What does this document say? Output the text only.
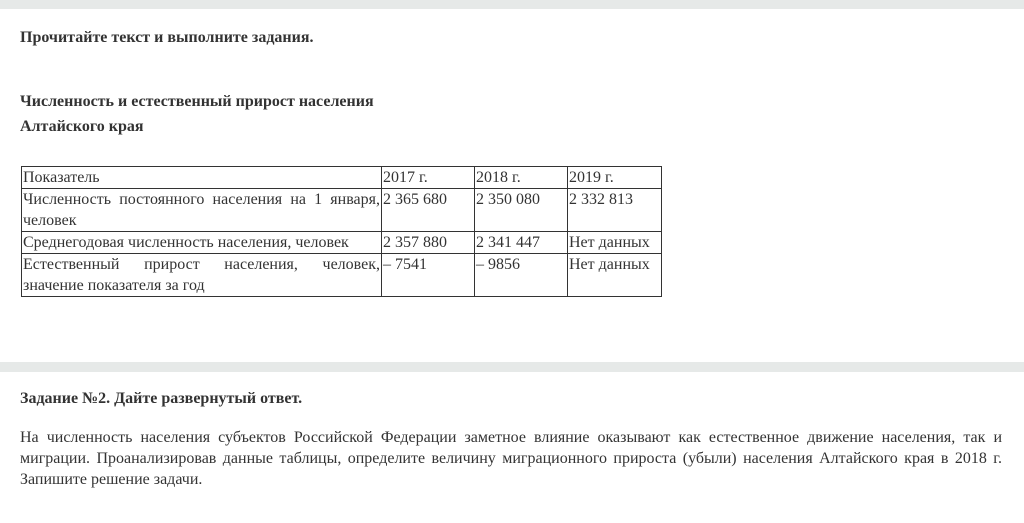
Прочитайте текст и выполните задания.

Численность и естественный прирост населения

Алтайского края

Показатель	2017 г.	2018 г.	2019 г.
Численность постоянного населения на 1 января, человек	2 365 680	2 350 080	2 332 813
Среднегодовая численность населения, человек	2 357 880	2 341 447	Нет данных
Естественный прирост населения, человек, значение показателя за год	– 7541	– 9856	Нет данных

Задание №2. Дайте развернутый ответ.

На численность населения субъектов Российской Федерации заметное влияние оказывают как естественное движение населения, так и миграции. Проанализировав данные таблицы, определите величину миграционного прироста (убыли) населения Алтайского края в 2018 г. Запишите решение задачи.
